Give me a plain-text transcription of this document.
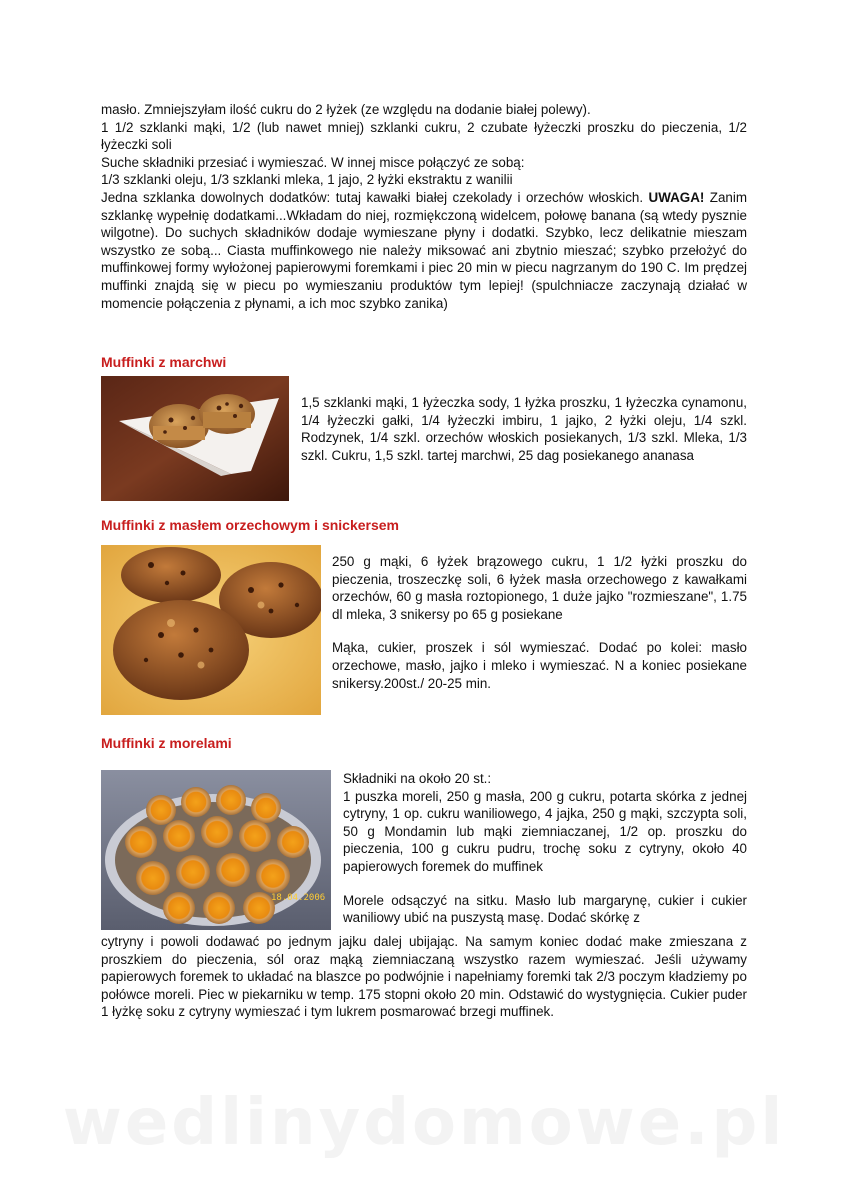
masło. Zmniejszyłam ilość cukru do 2 łyżek (ze względu na dodanie białej polewy).

1 1/2 szklanki mąki, 1/2 (lub nawet mniej) szklanki cukru, 2 czubate łyżeczki proszku do pieczenia, 1/2 łyżeczki soli

Suche składniki przesiać i wymieszać. W innej misce połączyć ze sobą:

1/3 szklanki oleju, 1/3 szklanki mleka, 1 jajo, 2 łyżki ekstraktu z wanilii

Jedna szklanka dowolnych dodatków: tutaj kawałki białej czekolady i orzechów włoskich. UWAGA! Zanim szklankę wypełnię dodatkami...Wkładam do niej, rozmiękczoną widelcem, połowę banana (są wtedy pysznie wilgotne). Do suchych składników dodaje wymieszane płyny i dodatki. Szybko, lecz delikatnie mieszam wszystko ze sobą... Ciasta muffinkowego nie należy miksować ani zbytnio mieszać; szybko przełożyć do muffinkowej formy wyłożonej papierowymi foremkami i piec 20 min w piecu nagrzanym do 190 C. Im prędzej muffinki znajdą się w piecu po wymieszaniu produktów tym lepiej! (spulchniacze zaczynają działać w momencie połączenia z płynami, a ich moc szybko zanika)

Muffinki z marchwi

1,5 szklanki mąki, 1 łyżeczka sody, 1 łyżka proszku, 1 łyżeczka cynamonu, 1/4 łyżeczki gałki, 1/4 łyżeczki imbiru, 1 jajko, 2 łyżki oleju, 1/4 szkl. Rodzynek, 1/4 szkl. orzechów włoskich posiekanych, 1/3 szkl. Mleka, 1/3 szkl. Cukru, 1,5 szkl. tartej marchwi, 25 dag posiekanego ananasa

Muffinki z masłem orzechowym i snickersem

250 g mąki, 6 łyżek brązowego cukru, 1 1/2 łyżki proszku do pieczenia, troszeczkę soli, 6 łyżek masła orzechowego z kawałkami orzechów, 60 g masła roztopionego, 1 duże jajko "rozmieszane", 1.75 dl mleka, 3 snikersy po 65 g posiekane

Mąka, cukier, proszek i sól wymieszać. Dodać po kolei: masło orzechowe, masło, jajko i mleko i wymieszać. N a koniec posiekane snikersy.200st./ 20-25 min.

Muffinki z morelami
18.04.2006

Składniki na około 20 st.:

1 puszka moreli, 250 g masła, 200 g cukru, potarta skórka z jednej cytryny, 1 op. cukru waniliowego, 4 jajka, 250 g mąki, szczypta soli, 50 g Mondamin lub mąki ziemniaczanej, 1/2 op. proszku do pieczenia, 100 g cukru pudru, trochę soku z cytryny, około 40 papierowych foremek do muffinek

Morele odsączyć na sitku. Masło lub margarynę, cukier i cukier waniliowy ubić na puszystą masę. Dodać skórkę z

cytryny i powoli dodawać po jednym jajku dalej ubijając. Na samym koniec dodać make zmieszana z proszkiem do pieczenia, sól oraz mąką ziemniaczaną wszystko razem wymieszać. Jeśli używamy papierowych foremek to układać na blaszce po podwójnie i napełniamy foremki tak 2/3 poczym kładziemy po połówce moreli. Piec w piekarniku w temp. 175 stopni około 20 min. Odstawić do wystygnięcia. Cukier puder 1 łyżkę soku z cytryny wymieszać i tym lukrem posmarować brzegi muffinek.

wedlinydomowe.pl
